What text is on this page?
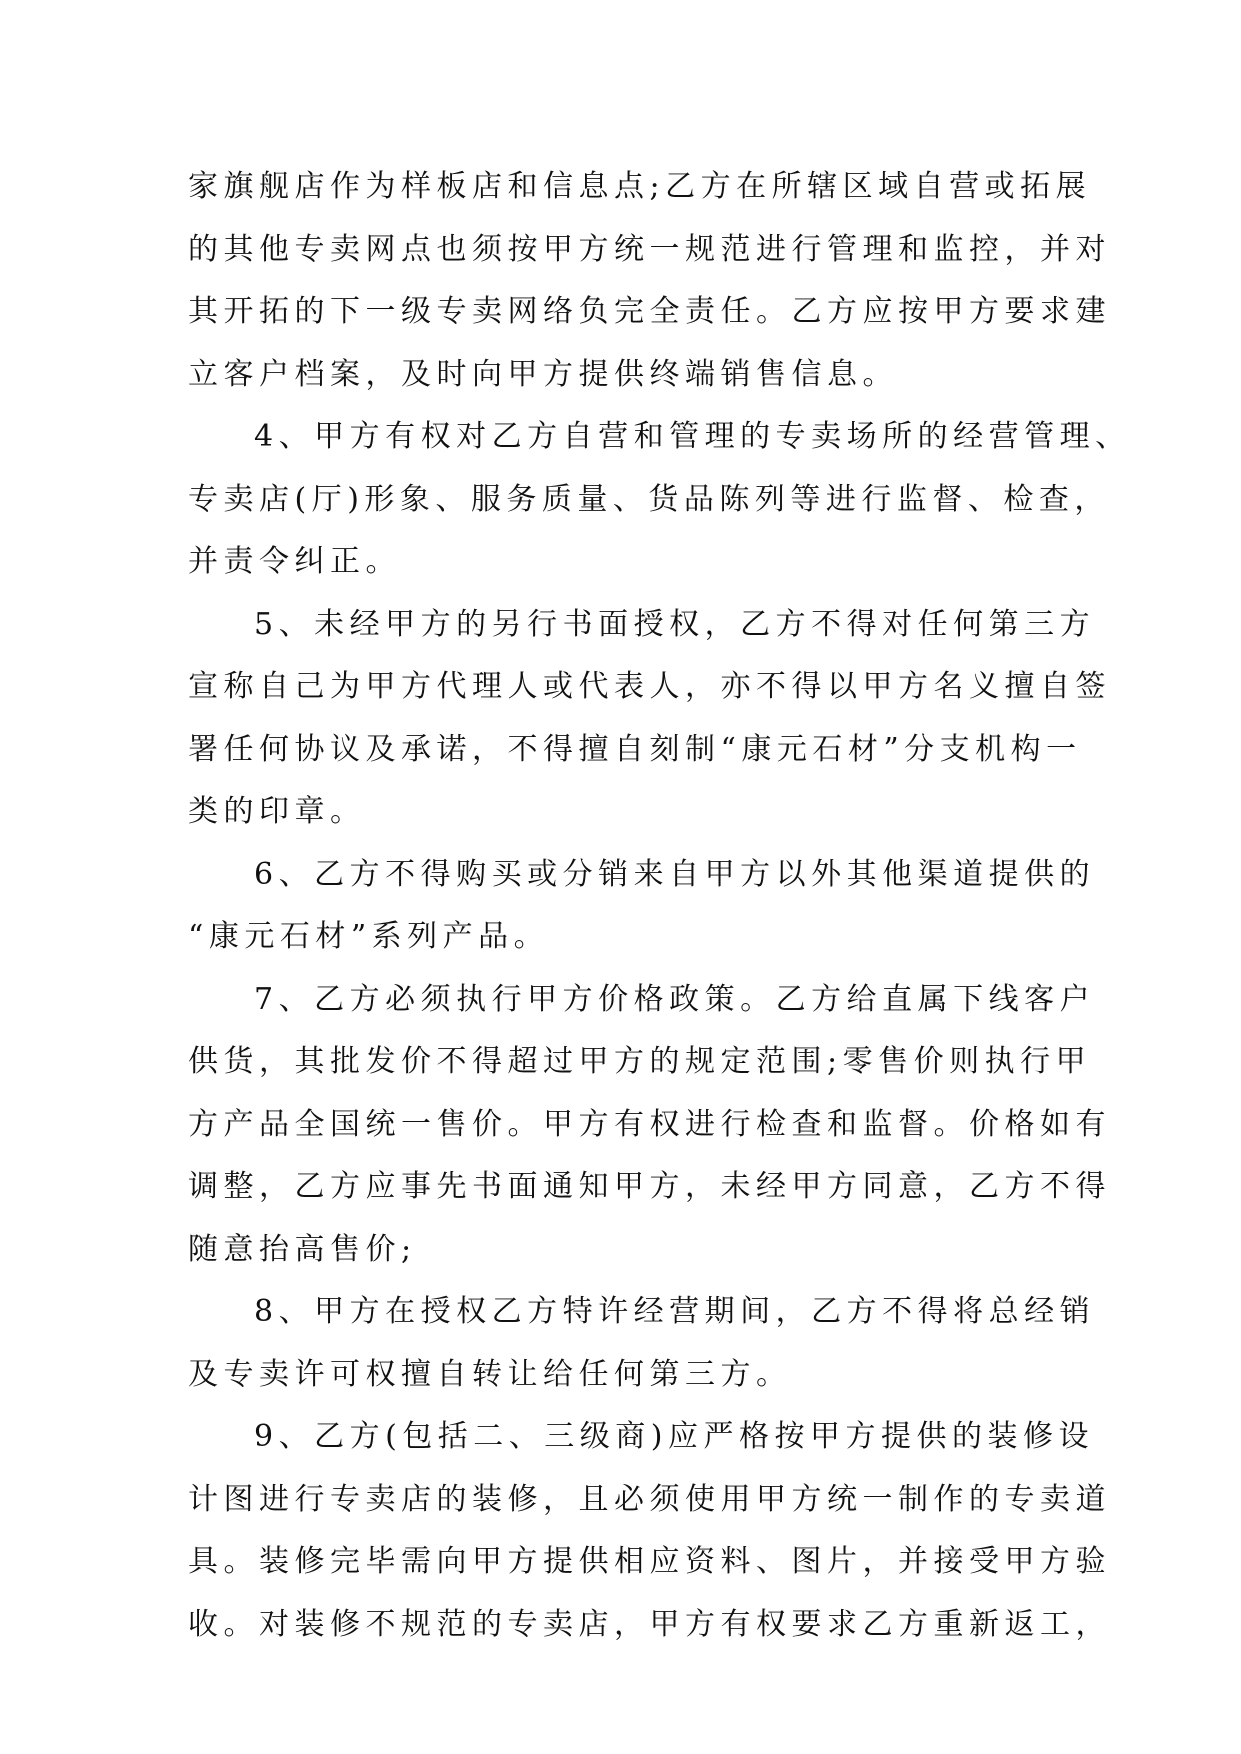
家旗舰店作为样板店和信息点;乙方在所辖区域自营或拓展
的其他专卖网点也须按甲方统一规范进行管理和监控，并对
其开拓的下一级专卖网络负完全责任。乙方应按甲方要求建
立客户档案，及时向甲方提供终端销售信息。
4、甲方有权对乙方自营和管理的专卖场所的经营管理、
专卖店(厅)形象、服务质量、货品陈列等进行监督、检查，
并责令纠正。
5、未经甲方的另行书面授权，乙方不得对任何第三方
宣称自己为甲方代理人或代表人，亦不得以甲方名义擅自签
署任何协议及承诺，不得擅自刻制“康元石材”分支机构一
类的印章。
6、乙方不得购买或分销来自甲方以外其他渠道提供的
“康元石材”系列产品。
7、乙方必须执行甲方价格政策。乙方给直属下线客户
供货，其批发价不得超过甲方的规定范围;零售价则执行甲
方产品全国统一售价。甲方有权进行检查和监督。价格如有
调整，乙方应事先书面通知甲方，未经甲方同意，乙方不得
随意抬高售价;
8、甲方在授权乙方特许经营期间，乙方不得将总经销
及专卖许可权擅自转让给任何第三方。
9、乙方(包括二、三级商)应严格按甲方提供的装修设
计图进行专卖店的装修，且必须使用甲方统一制作的专卖道
具。装修完毕需向甲方提供相应资料、图片，并接受甲方验
收。对装修不规范的专卖店，甲方有权要求乙方重新返工，
